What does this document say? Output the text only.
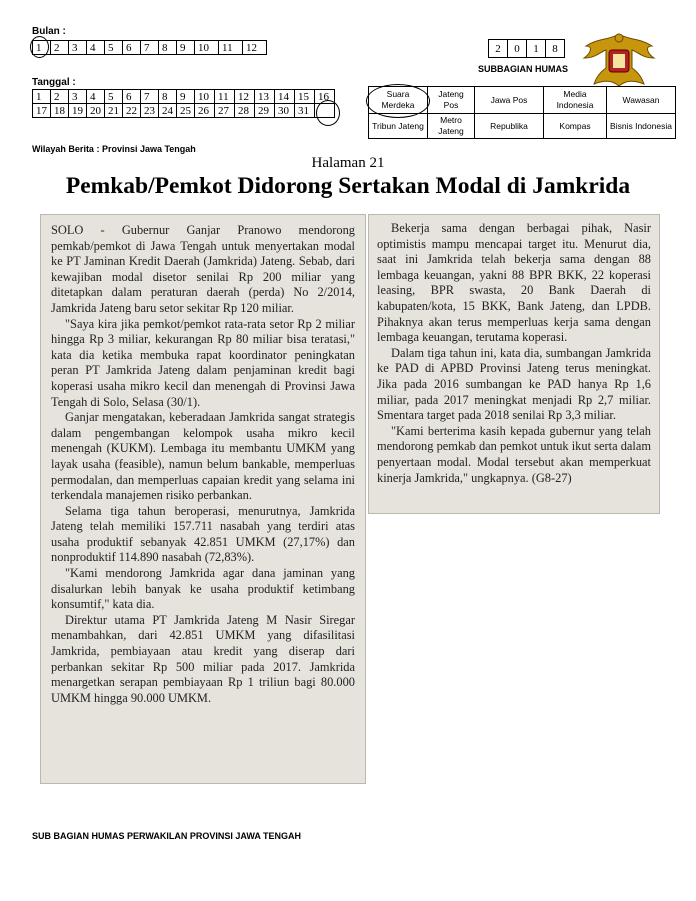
Bulan :
1	2	3	4	5	6	7	8	9	10	11	12
Tanggal :
1	2	3	4	5	6	7	8	9	10	11	12	13	14	15	16
17	18	19	20	21	22	23	24	25	26	27	28	29	30	31	
2	0	1	8
SUBBAGIAN HUMAS
Suara Merdeka	Jateng Pos	Jawa Pos	Media Indonesia	Wawasan
Tribun Jateng	Metro Jateng	Republika	Kompas	Bisnis Indonesia
Wilayah Berita : Provinsi Jawa Tengah
Halaman 21
Pemkab/Pemkot Didorong Sertakan Modal di Jamkrida

SOLO - Gubernur Ganjar Pranowo mendorong pemkab/pemkot di Jawa Tengah untuk menyertakan modal ke PT Jaminan Kredit Daerah (Jamkrida) Jateng. Sebab, dari kewajiban modal disetor senilai Rp 200 miliar yang ditetapkan dalam peraturan daerah (perda) No 2/2014, Jamkrida Jateng baru setor sekitar Rp 120 miliar.

"Saya kira jika pemkot/pemkot rata-rata setor Rp 2 miliar hingga Rp 3 miliar, kekurangan Rp 80 miliar bisa teratasi," kata dia ketika membuka rapat koordinator peningkatan peran PT Jamkrida Jateng dalam penjaminan kredit bagi koperasi usaha mikro kecil dan menengah di Provinsi Jawa Tengah di Solo, Selasa (30/1).

Ganjar mengatakan, keberadaan Jamkrida sangat strategis dalam pengembangan kelompok usaha mikro kecil menengah (KUKM). Lembaga itu membantu UMKM yang layak usaha (feasible), namun belum bankable, memperluas permodalan, dan memperluas capaian kredit yang selama ini terkendala manajemen risiko perbankan.

Selama tiga tahun beroperasi, menurutnya, Jamkrida Jateng telah memiliki 157.711 nasabah yang terdiri atas usaha produktif sebanyak 42.851 UMKM (27,17%) dan nonproduktif 114.890 nasabah (72,83%).

"Kami mendorong Jamkrida agar dana jaminan yang disalurkan lebih banyak ke usaha produktif ketimbang konsumtif," kata dia.

Direktur utama PT Jamkrida Jateng M Nasir Siregar menambahkan, dari 42.851 UMKM yang difasilitasi Jamkrida, pembiayaan atau kredit yang diserap dari perbankan sekitar Rp 500 miliar pada 2017. Jamkrida menargetkan serapan pembiayaan Rp 1 triliun bagi 80.000 UMKM hingga 90.000 UMKM.

Bekerja sama dengan berbagai pihak, Nasir optimistis mampu mencapai target itu. Menurut dia, saat ini Jamkrida telah bekerja sama dengan 88 lembaga keuangan, yakni 88 BPR BKK, 22 koperasi leasing, BPR swasta, 20 Bank Daerah di kabupaten/kota, 15 BKK, Bank Jateng, dan LPDB. Pihaknya akan terus memperluas kerja sama dengan lembaga keuangan, terutama koperasi.

Dalam tiga tahun ini, kata dia, sumbangan Jamkrida ke PAD di APBD Provinsi Jateng terus meningkat. Jika pada 2016 sumbangan ke PAD hanya Rp 1,6 miliar, pada 2017 meningkat menjadi Rp 2,7 miliar. Smentara target pada 2018 senilai Rp 3,3 miliar.

"Kami berterima kasih kepada gubernur yang telah mendorong pemkab dan pemkot untuk ikut serta dalam penyertaan modal. Modal tersebut akan memperkuat kinerja Jamkrida," ungkapnya. (G8-27)

SUB BAGIAN HUMAS PERWAKILAN PROVINSI JAWA TENGAH
